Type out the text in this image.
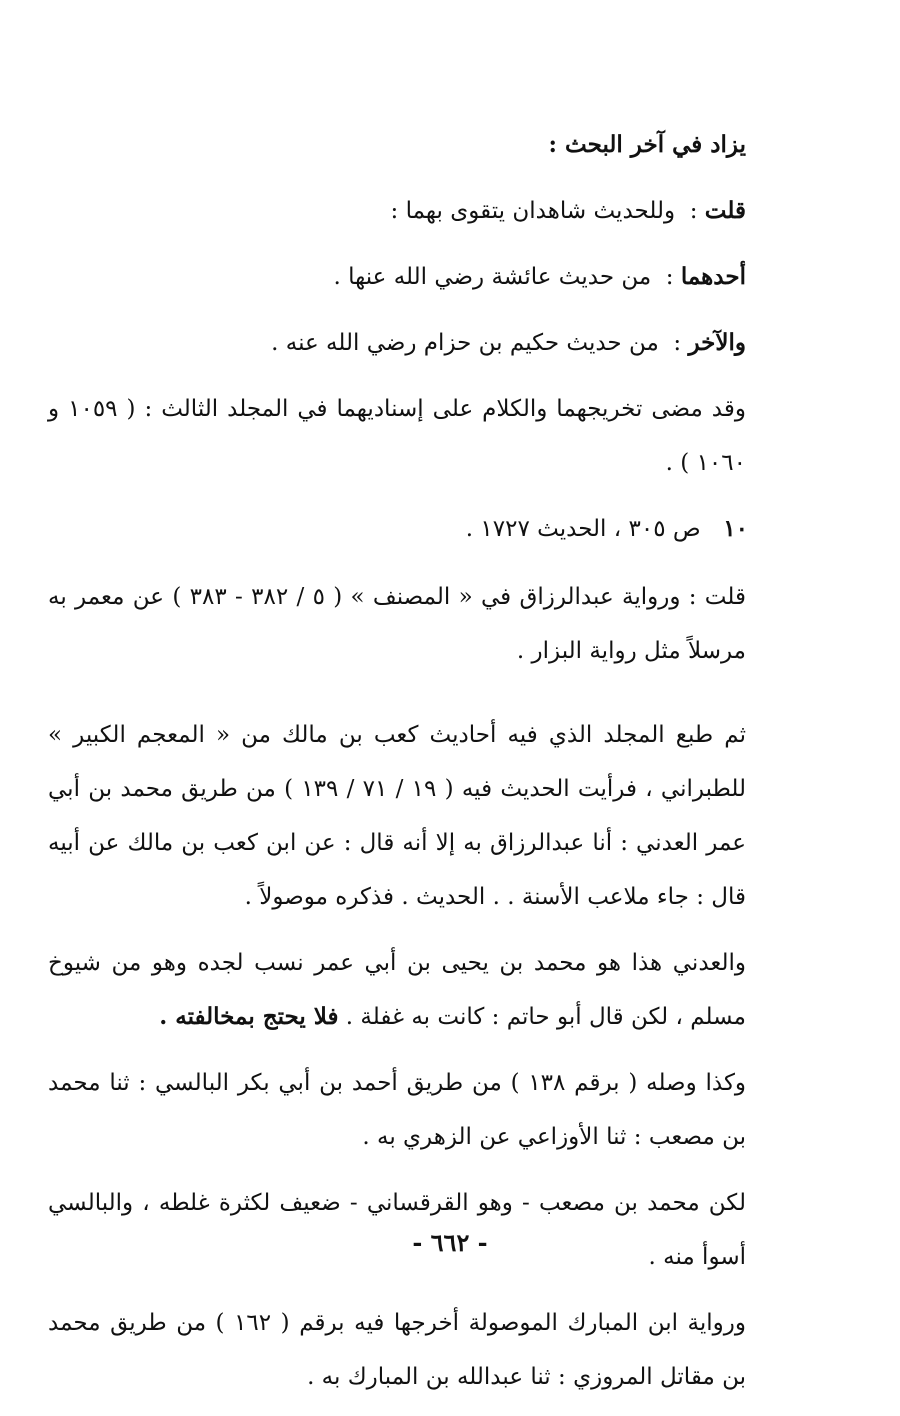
يزاد في آخر البحث :

قلت :  وللحديث شاهدان يتقوى بهما :

أحدهما :  من حديث عائشة رضي الله عنها .

والآخر :  من حديث حكيم بن حزام رضي الله عنه .

وقد مضى تخريجهما والكلام على إسناديهما في المجلد الثالث : ( ١٠٥٩ و ١٠٦٠ ) .

١٠ ص ٣٠٥ ، الحديث ١٧٢٧ .

قلت : ورواية عبدالرزاق في « المصنف » ( ٥ / ٣٨٢ - ٣٨٣ ) عن معمر به مرسلاً مثل رواية البزار .

ثم طبع المجلد الذي فيه أحاديث كعب بن مالك من « المعجم الكبير » للطبراني ، فرأيت الحديث فيه ( ١٩ / ٧١ / ١٣٩ ) من طريق محمد بن أبي عمر العدني : أنا عبدالرزاق به إلا أنه قال : عن ابن كعب بن مالك عن أبيه قال : جاء ملاعب الأسنة . . الحديث . فذكره موصولاً .

والعدني هذا هو محمد بن يحيى بن أبي عمر نسب لجده وهو من شيوخ مسلم ، لكن قال أبو حاتم : كانت به غفلة . فلا يحتج بمخالفته .

وكذا وصله ( برقم ١٣٨ ) من طريق أحمد بن أبي بكر البالسي : ثنا محمد بن مصعب : ثنا الأوزاعي عن الزهري به .

لكن محمد بن مصعب - وهو القرقساني - ضعيف لكثرة غلطه ، والبالسي أسوأ منه .

ورواية ابن المبارك الموصولة أخرجها فيه برقم ( ١٦٢ ) من طريق محمد بن مقاتل المروزي : ثنا عبدالله بن المبارك به .

- ٦٦٢ -
